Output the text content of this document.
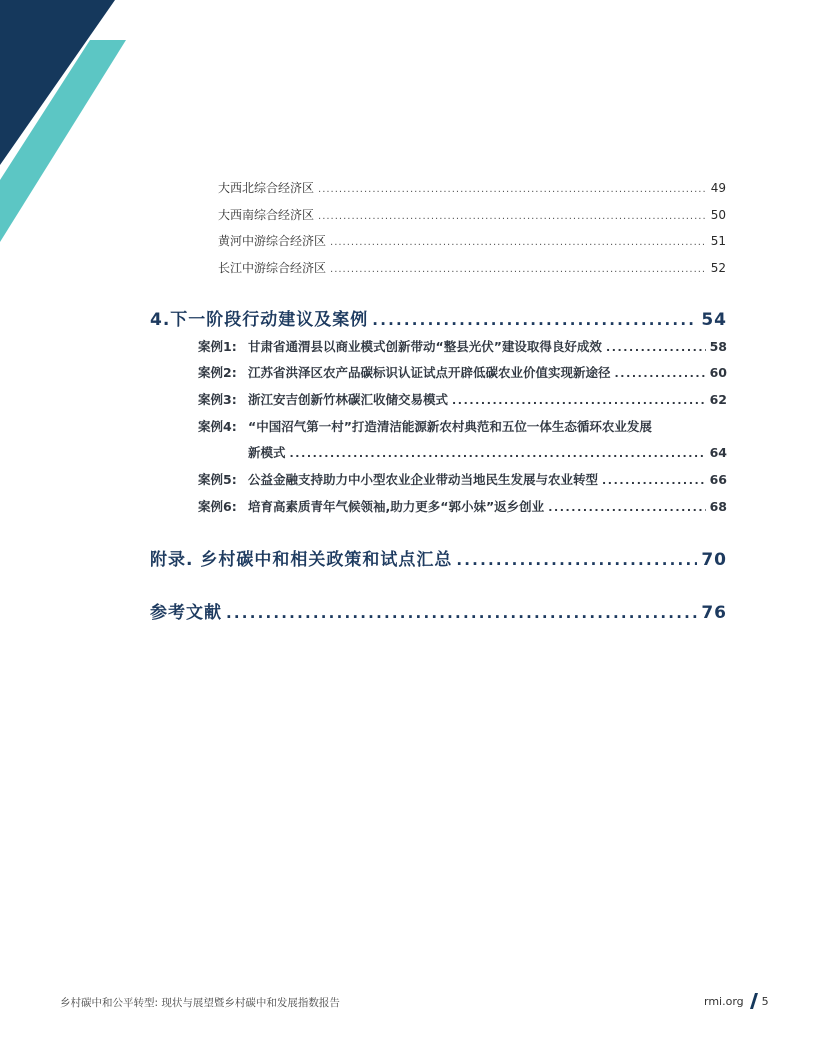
大西北综合经济区 .....	49
大西南综合经济区 .....	50
黄河中游综合经济区 .....	51
长江中游综合经济区 .....	52
4.下一阶段行动建议及案例 .....	54
案例1: 甘肃省通渭县以商业模式创新带动“整县光伏”建设取得良好成效 .....	58
案例2: 江苏省洪泽区农产品碳标识认证试点开辟低碳农业价值实现新途径 .....	60
案例3: 浙江安吉创新竹林碳汇收储交易模式 .....	62
案例4: “中国沼气第一村”打造清洁能源新农村典范和五位一体生态循环农业发展
新模式 .....	64
案例5: 公益金融支持助力中小型农业企业带动当地民生发展与农业转型 .....	66
案例6: 培育高素质青年气候领袖,助力更多“郭小妹”返乡创业 .....	68
附录. 乡村碳中和相关政策和试点汇总 .....	70
参考文献 .....	76
乡村碳中和公平转型: 现状与展望暨乡村碳中和发展指数报告	rmi.org 5
